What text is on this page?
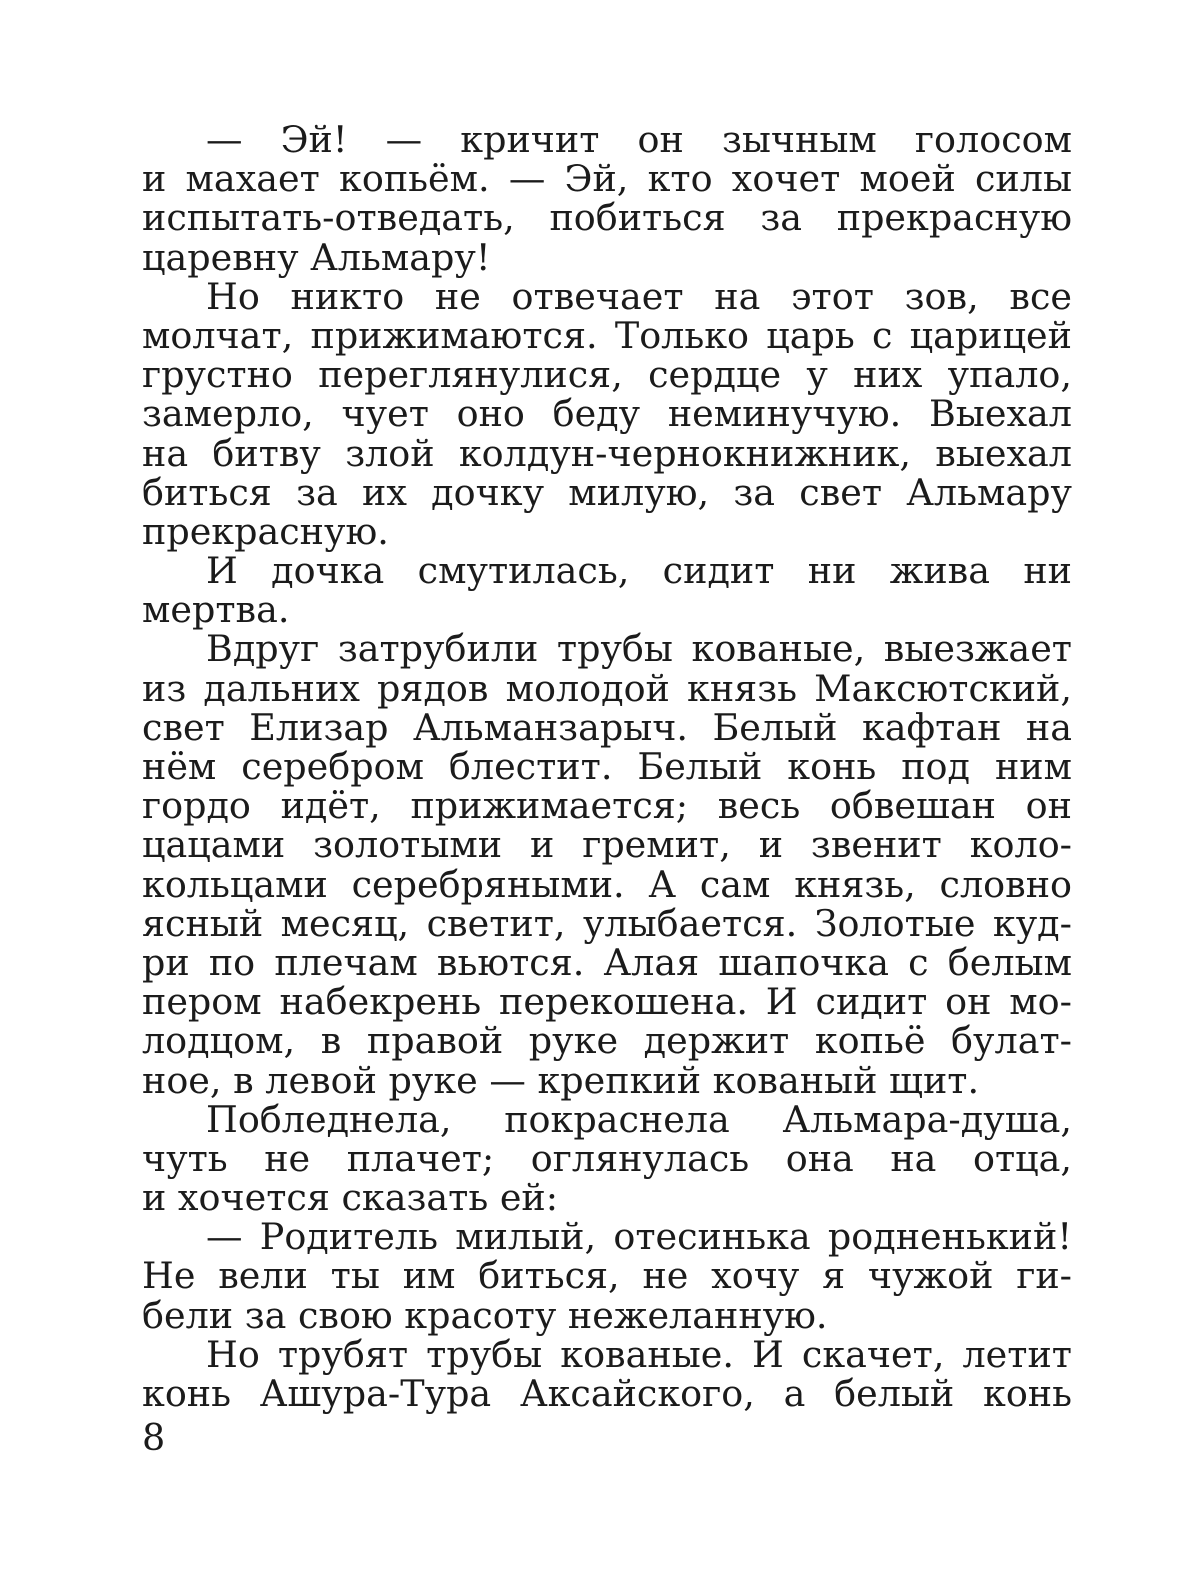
— Эй! — кричит он зычным голосом
и махает копьём. — Эй, кто хочет моей силы
испытать-отведать, побиться за прекрасную
царевну Альмару!
Но никто не отвечает на этот зов, все
молчат, прижимаются. Только царь с царицей
грустно переглянулися, сердце у них упало,
замерло, чует оно беду неминучую. Выехал
на битву злой колдун-чернокнижник, выехал
биться за их дочку милую, за свет Альмару
прекрасную.
И дочка смутилась, сидит ни жива ни
мертва.
Вдруг затрубили трубы кованые, выезжает
из дальних рядов молодой князь Максютский,
свет Елизар Альманзарыч. Белый кафтан на
нём серебром блестит. Белый конь под ним
гордо идёт, прижимается; весь обвешан он
цацами золотыми и гремит, и звенит коло-
кольцами серебряными. А сам князь, словно
ясный месяц, светит, улыбается. Золотые куд-
ри по плечам вьются. Алая шапочка с белым
пером набекрень перекошена. И сидит он мо-
лодцом, в правой руке держит копьё булат-
ное, в левой руке — крепкий кованый щит.
Побледнела, покраснела Альмара-душа,
чуть не плачет; оглянулась она на отца,
и хочется сказать ей:
— Родитель милый, отесинька родненький!
Не вели ты им биться, не хочу я чужой ги-
бели за свою красоту нежеланную.
Но трубят трубы кованые. И скачет, летит
конь Ашура-Тура Аксайского, а белый конь
8
